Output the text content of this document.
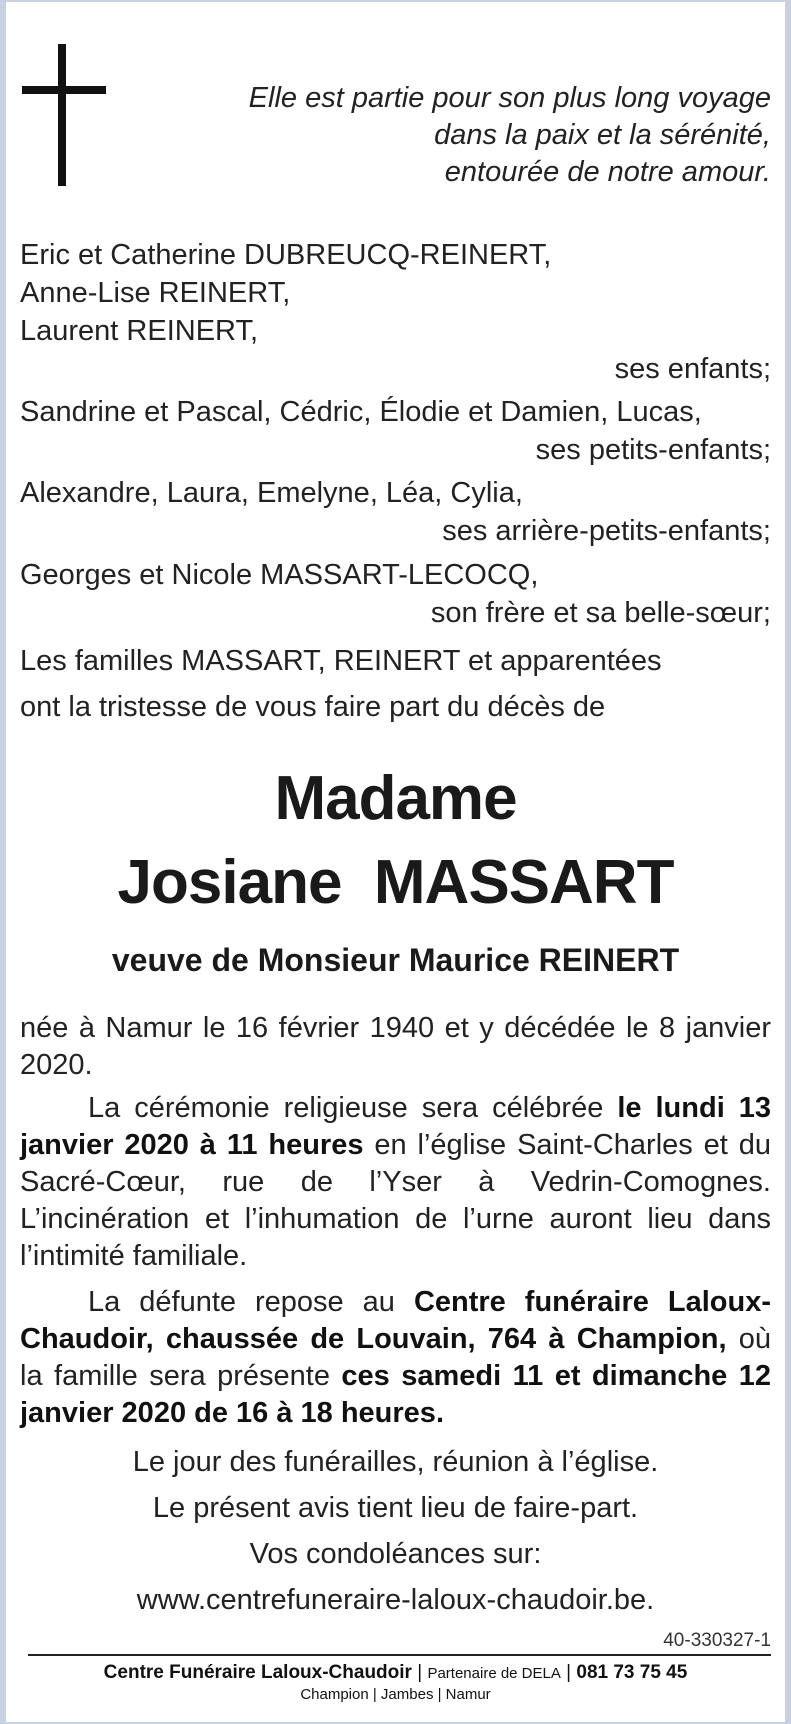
Elle est partie pour son plus long voyage
dans la paix et la sérénité,
entourée de notre amour.
Eric et Catherine DUBREUCQ-REINERT,
Anne-Lise REINERT,
Laurent REINERT,
ses enfants;
Sandrine et Pascal, Cédric, Élodie et Damien, Lucas,
ses petits-enfants;
Alexandre, Laura, Emelyne, Léa, Cylia,
ses arrière-petits-enfants;
Georges et Nicole MASSART-LECOCQ,
son frère et sa belle-sœur;
Les familles MASSART, REINERT et apparentées
ont la tristesse de vous faire part du décès de
Madame
Josiane  MASSART
veuve de Monsieur Maurice REINERT
née à Namur le 16 février 1940 et y décédée le 8 janvier 2020.
La cérémonie religieuse sera célébrée le lundi 13 janvier 2020 à 11 heures en l’église Saint-Charles et du Sacré-Cœur, rue de l’Yser à Vedrin-Comognes. L’incinération et l’inhumation de l’urne auront lieu dans l’intimité familiale.
La défunte repose au Centre funéraire Laloux-Chaudoir, chaussée de Louvain, 764 à Champion, où la famille sera présente ces samedi 11 et dimanche 12 janvier 2020 de 16 à 18 heures.
Le jour des funérailles, réunion à l’église.
Le présent avis tient lieu de faire-part.
Vos condoléances sur:
www.centrefuneraire-laloux-chaudoir.be.
40-330327-1
Centre Funéraire Laloux-Chaudoir | Partenaire de DELA | 081 73 75 45
Champion | Jambes | Namur
